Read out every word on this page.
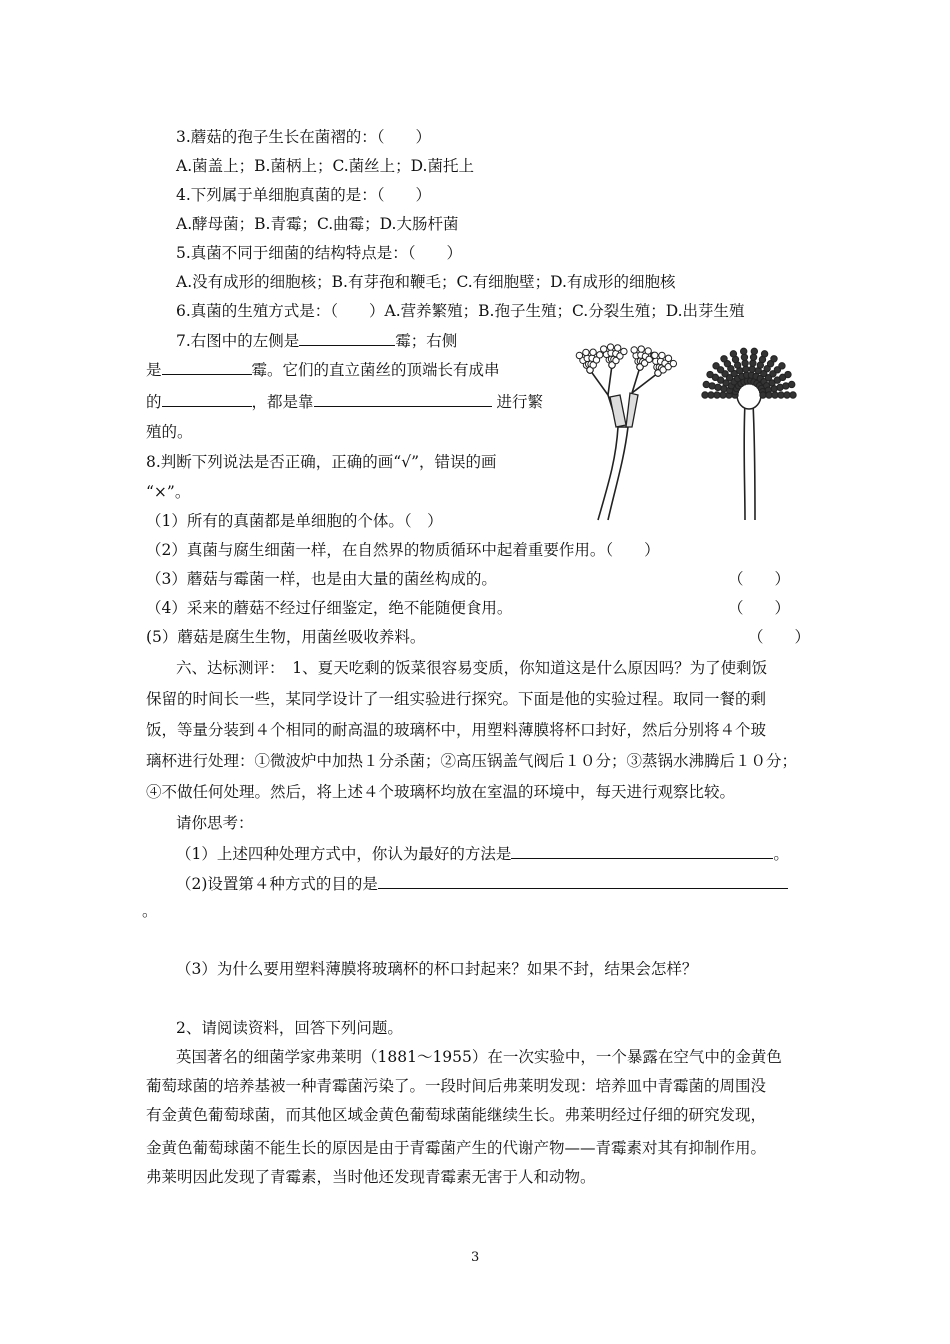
3.蘑菇的孢子生长在菌褶的：（　　）
A.菌盖上；B.菌柄上；C.菌丝上；D.菌托上
4.下列属于单细胞真菌的是：（　　）
A.酵母菌；B.青霉；C.曲霉；D.大肠杆菌
5.真菌不同于细菌的结构特点是：（　　）
A.没有成形的细胞核；B.有芽孢和鞭毛；C.有细胞壁；D.有成形的细胞核
6.真菌的生殖方式是：（　　）A.营养繁殖；B.孢子生殖；C.分裂生殖；D.出芽生殖
7.右图中的左侧是	霉；右侧
是	霉。它们的直立菌丝的顶端长有成串
的	，都是靠	进行繁
殖的。
8.判断下列说法是否正确，正确的画“√”，错误的画
“×”。
（1）所有的真菌都是单细胞的个体。（　）
（2）真菌与腐生细菌一样，在自然界的物质循环中起着重要作用。（　　）
（3）蘑菇与霉菌一样，也是由大量的菌丝构成的。	（　　）
（4）采来的蘑菇不经过仔细鉴定，绝不能随便食用。	（　　）
(5）蘑菇是腐生生物，用菌丝吸收养料。	（　　）
六、达标测评：　1、夏天吃剩的饭菜很容易变质，你知道这是什么原因吗？为了使剩饭
保留的时间长一些，某同学设计了一组实验进行探究。下面是他的实验过程。取同一餐的剩
饭，等量分装到４个相同的耐高温的玻璃杯中，用塑料薄膜将杯口封好，然后分别将４个玻
璃杯进行处理：①微波炉中加热１分杀菌；②高压锅盖气阀后１０分；③蒸锅水沸腾后１０分；
④不做任何处理。然后，将上述４个玻璃杯均放在室温的环境中，每天进行观察比较。
请你思考：
（1）上述四种处理方式中，你认为最好的方法是	。
（2)设置第４种方式的目的是
。
（3）为什么要用塑料薄膜将玻璃杯的杯口封起来？如果不封，结果会怎样？
2、请阅读资料，回答下列问题。
英国著名的细菌学家弗莱明（1881～1955）在一次实验中，一个暴露在空气中的金黄色
葡萄球菌的培养基被一种青霉菌污染了。一段时间后弗莱明发现：培养皿中青霉菌的周围没
有金黄色葡萄球菌，而其他区域金黄色葡萄球菌能继续生长。弗莱明经过仔细的研究发现，
金黄色葡萄球菌不能生长的原因是由于青霉菌产生的代谢产物——青霉素对其有抑制作用。
弗莱明因此发现了青霉素，当时他还发现青霉素无害于人和动物。
3
